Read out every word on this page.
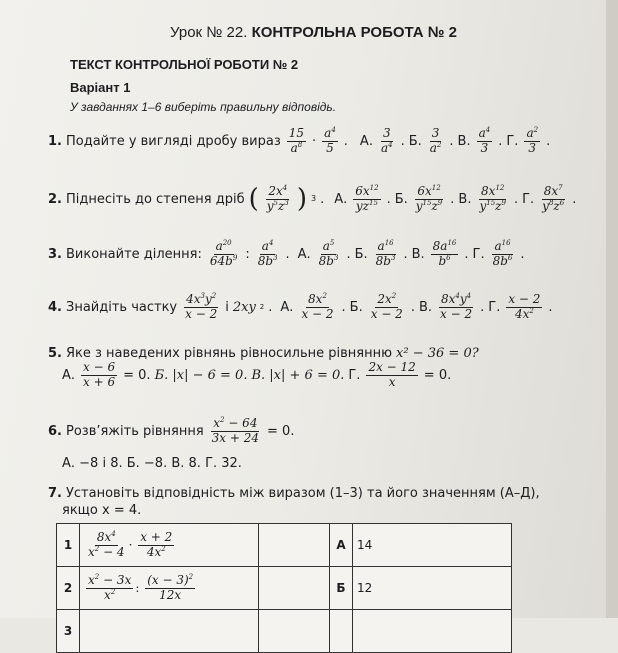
Урок № 22. КОНТРОЛЬНА РОБОТА № 2
ТЕКСТ КОНТРОЛЬНОЇ РОБОТИ № 2
Варіант 1
У завданнях 1–6 виберіть правильну відповідь.
1. Подайте у вигляді дробу вираз
15
$a^8$ ·
$a^4$
5 . А.
3
$a^4$ . Б.
3
$a^2$ . В.
$a^4$
3 . Г.
$a^2$
3 .
2. Піднесіть до степеня дріб ( $2x^4$
$y^5z^3$ ) 3 . А.
$6x^{12}$
$yz^{15}$ . Б.
$6x^{12}$
$y^{15}z^9$ . В.
$8x^{12}$
$y^{15}z^9$ . Г.
$8x^7$
$y^8z^6$ .
3. Виконайте ділення:
$a^{20}$
$64b^9$ :
$a^4$
$8b^3$ . А.
$a^5$
$8b^3$ . Б.
$a^{16}$
$8b^3$ . В.
$8a^{16}$
$b^6$ . Г.
$a^{16}$
$8b^6$ .
4. Знайдіть частку
$4x^3y^2$
x − 2 і 2xy 2 . А.
$8x^2$
x − 2 . Б.
$2x^2$
x − 2 . В.
$8x^4y^4$
x − 2 . Г.
x − 2
$4x^2$ .
5. Яке з наведених рівнянь рівносильне рівнянню x² − 36 = 0?
А.
x − 6
x + 6 = 0. Б. |x| − 6 = 0. В. |x| + 6 = 0. Г.
2x − 12
x = 0.
6. Розв’яжіть рівняння $\frac{x^2 - 64}{3x + 24} = 0$.
А. −8 і 8. Б. −8. В. 8. Г. 32.
7. Установіть відповідність між виразом (1–3) та його значенням (А–Д),
якщо x = 4.
1	$\frac{8x^4}{x^2 - 4} \cdot \frac{x + 2}{4x^2}$		А	14
2	$\frac{x^2 - 3x}{x^2}$ : $\frac{(x - 3)^2}{12x}$		Б	12
3				
